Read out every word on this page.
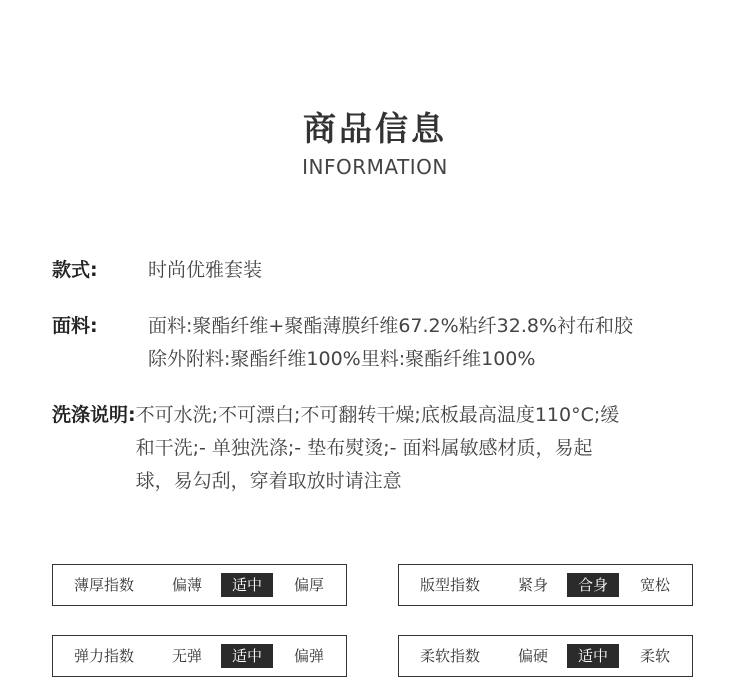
商品信息
INFORMATION
款式:	时尚优雅套装
面料:	面料:聚酯纤维+聚酯薄膜纤维67.2%粘纤32.8%衬布和胶
除外附料:聚酯纤维100%里料:聚酯纤维100%
洗涤说明: 不可水洗;不可漂白;不可翻转干燥;底板最高温度110°C;缓
和干洗;- 单独洗涤;- 垫布熨烫;- 面料属敏感材质，易起
球，易勾刮，穿着取放时请注意
薄厚指数	偏薄	适中	偏厚	版型指数	紧身	合身	宽松
弹力指数	无弹	适中	偏弹	柔软指数	偏硬	适中	柔软
